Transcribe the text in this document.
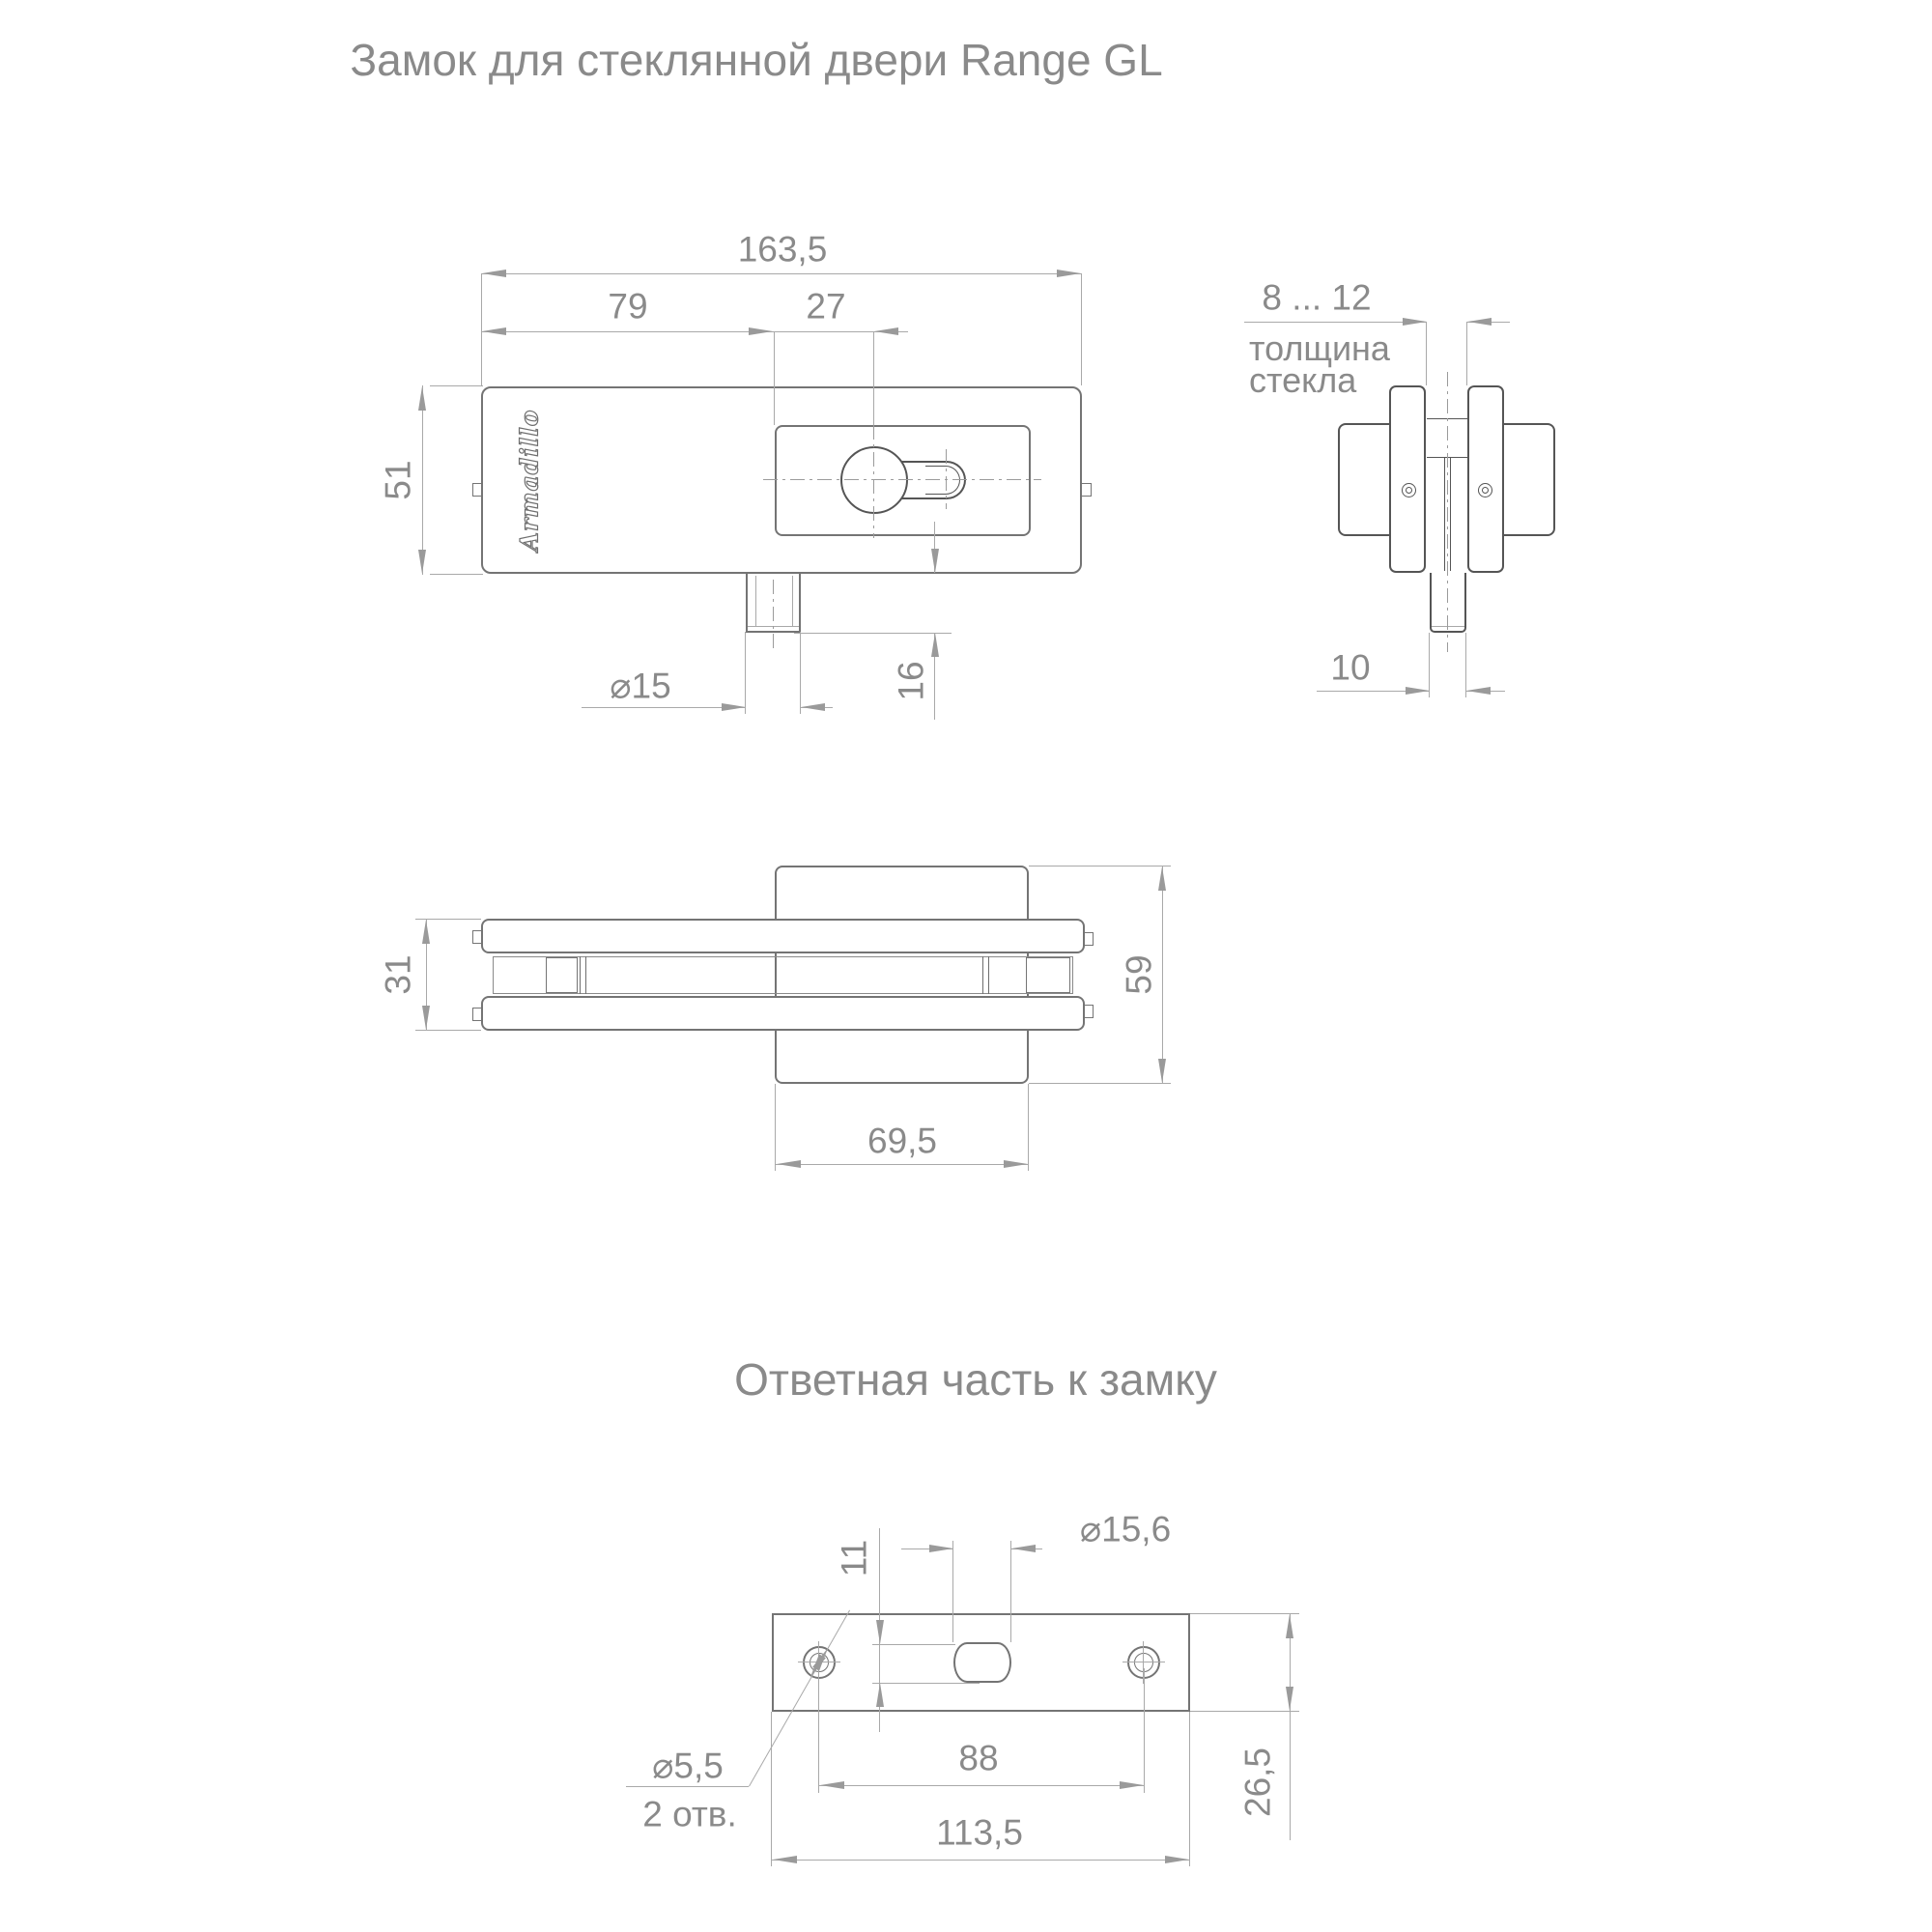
Замок для стеклянной двери Range GL
Ответная часть к замку
Armadillo
163,5
79	27
51
⌀15	16
8 ... 12
толщина
стекла
10
31	59
69,5
⌀15,6
11
88
113,5
26,5
⌀5,5
2 отв.
